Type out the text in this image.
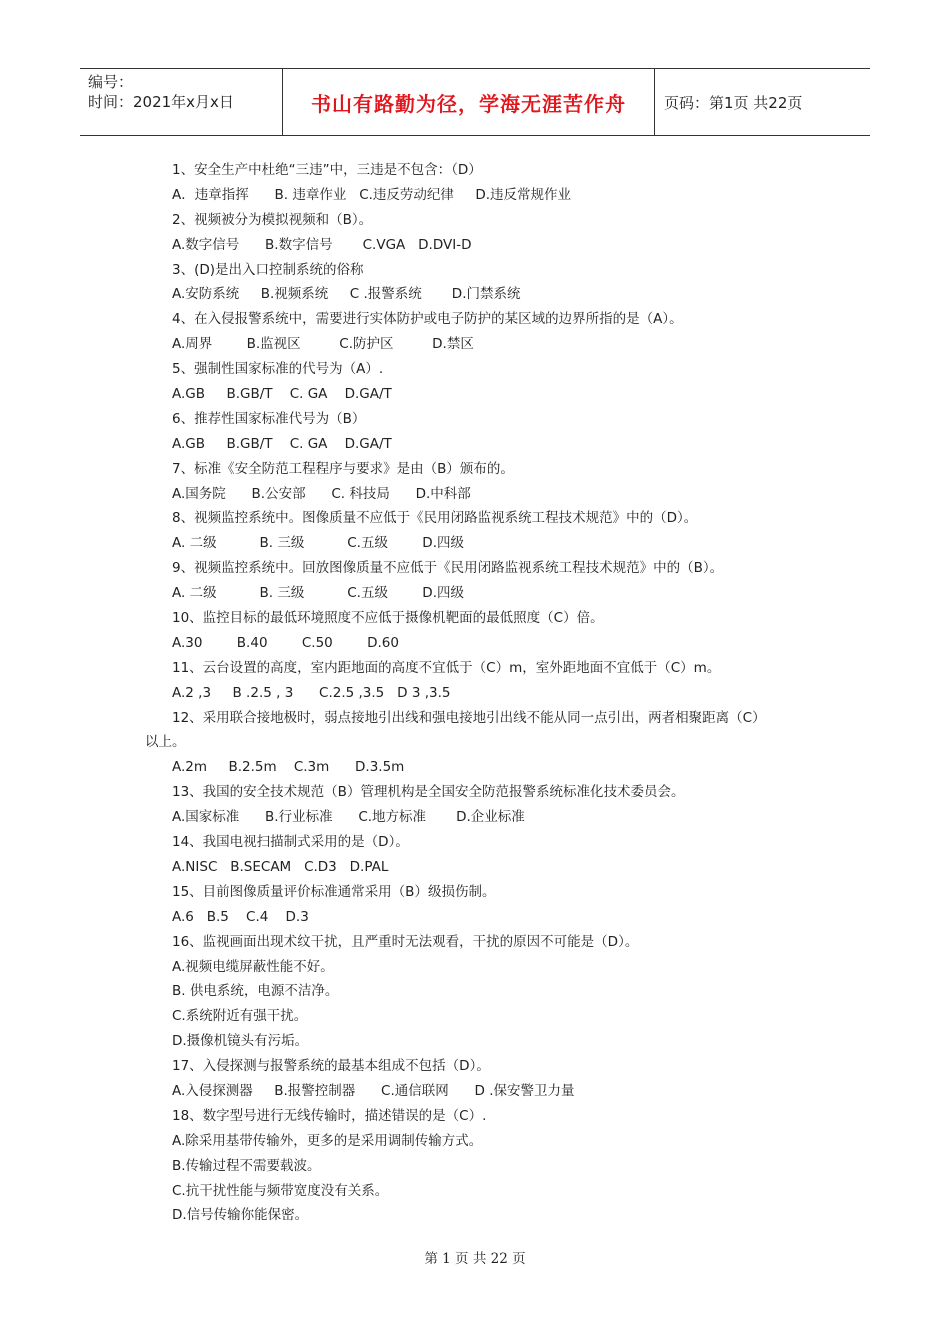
编号：
时间：2021年x月x日	书山有路勤为径，学海无涯苦作舟	页码：第1页 共22页
1、安全生产中杜绝“三违”中，三违是不包含：（D）
A．违章指挥      B. 违章作业   C.违反劳动纪律     D.违反常规作业
2、视频被分为模拟视频和（B）。
A.数字信号      B.数字信号       C.VGA   D.DVI-D
3、(D)是出入口控制系统的俗称
A.安防系统     B.视频系统     C .报警系统       D.门禁系统
4、在入侵报警系统中，需要进行实体防护或电子防护的某区域的边界所指的是（A）。
A.周界        B.监视区         C.防护区         D.禁区
5、强制性国家标准的代号为（A）.
A.GB     B.GB/T    C. GA    D.GA/T
6、推荐性国家标准代号为（B）
A.GB     B.GB/T    C. GA    D.GA/T
7、标准《安全防范工程程序与要求》是由（B）颁布的。
A.国务院      B.公安部      C. 科技局      D.中科部
8、视频监控系统中。图像质量不应低于《民用闭路监视系统工程技术规范》中的（D）。
A. 二级          B. 三级          C.五级        D.四级
9、视频监控系统中。回放图像质量不应低于《民用闭路监视系统工程技术规范》中的（B）。
A. 二级          B. 三级          C.五级        D.四级
10、监控目标的最低环境照度不应低于摄像机靶面的最低照度（C）倍。
A.30        B.40        C.50        D.60
11、云台设置的高度，室内距地面的高度不宜低于（C）m，室外距地面不宜低于（C）m。
A.2 ,3     B .2.5 , 3      C.2.5 ,3.5   D 3 ,3.5
12、采用联合接地极时，弱点接地引出线和强电接地引出线不能从同一点引出，两者相聚距离（C）
以上。
A.2m     B.2.5m    C.3m      D.3.5m
13、我国的安全技术规范（B）管理机构是全国安全防范报警系统标准化技术委员会。
A.国家标准      B.行业标准      C.地方标准       D.企业标准
14、我国电视扫描制式采用的是（D）。
A.NISC   B.SECAM   C.D3   D.PAL
15、目前图像质量评价标准通常采用（B）级损伤制。
A.6   B.5    C.4    D.3
16、监视画面出现术纹干扰，且严重时无法观看，干扰的原因不可能是（D）。
A.视频电缆屏蔽性能不好。
B. 供电系统，电源不洁净。
C.系统附近有强干扰。
D.摄像机镜头有污垢。
17、入侵探测与报警系统的最基本组成不包括（D）。
A.入侵探测器     B.报警控制器      C.通信联网      D .保安警卫力量
18、数字型号进行无线传输时，描述错误的是（C）.
A.除采用基带传输外，更多的是采用调制传输方式。
B.传输过程不需要载波。
C.抗干扰性能与频带宽度没有关系。
D.信号传输你能保密。
第 1 页 共 22 页
